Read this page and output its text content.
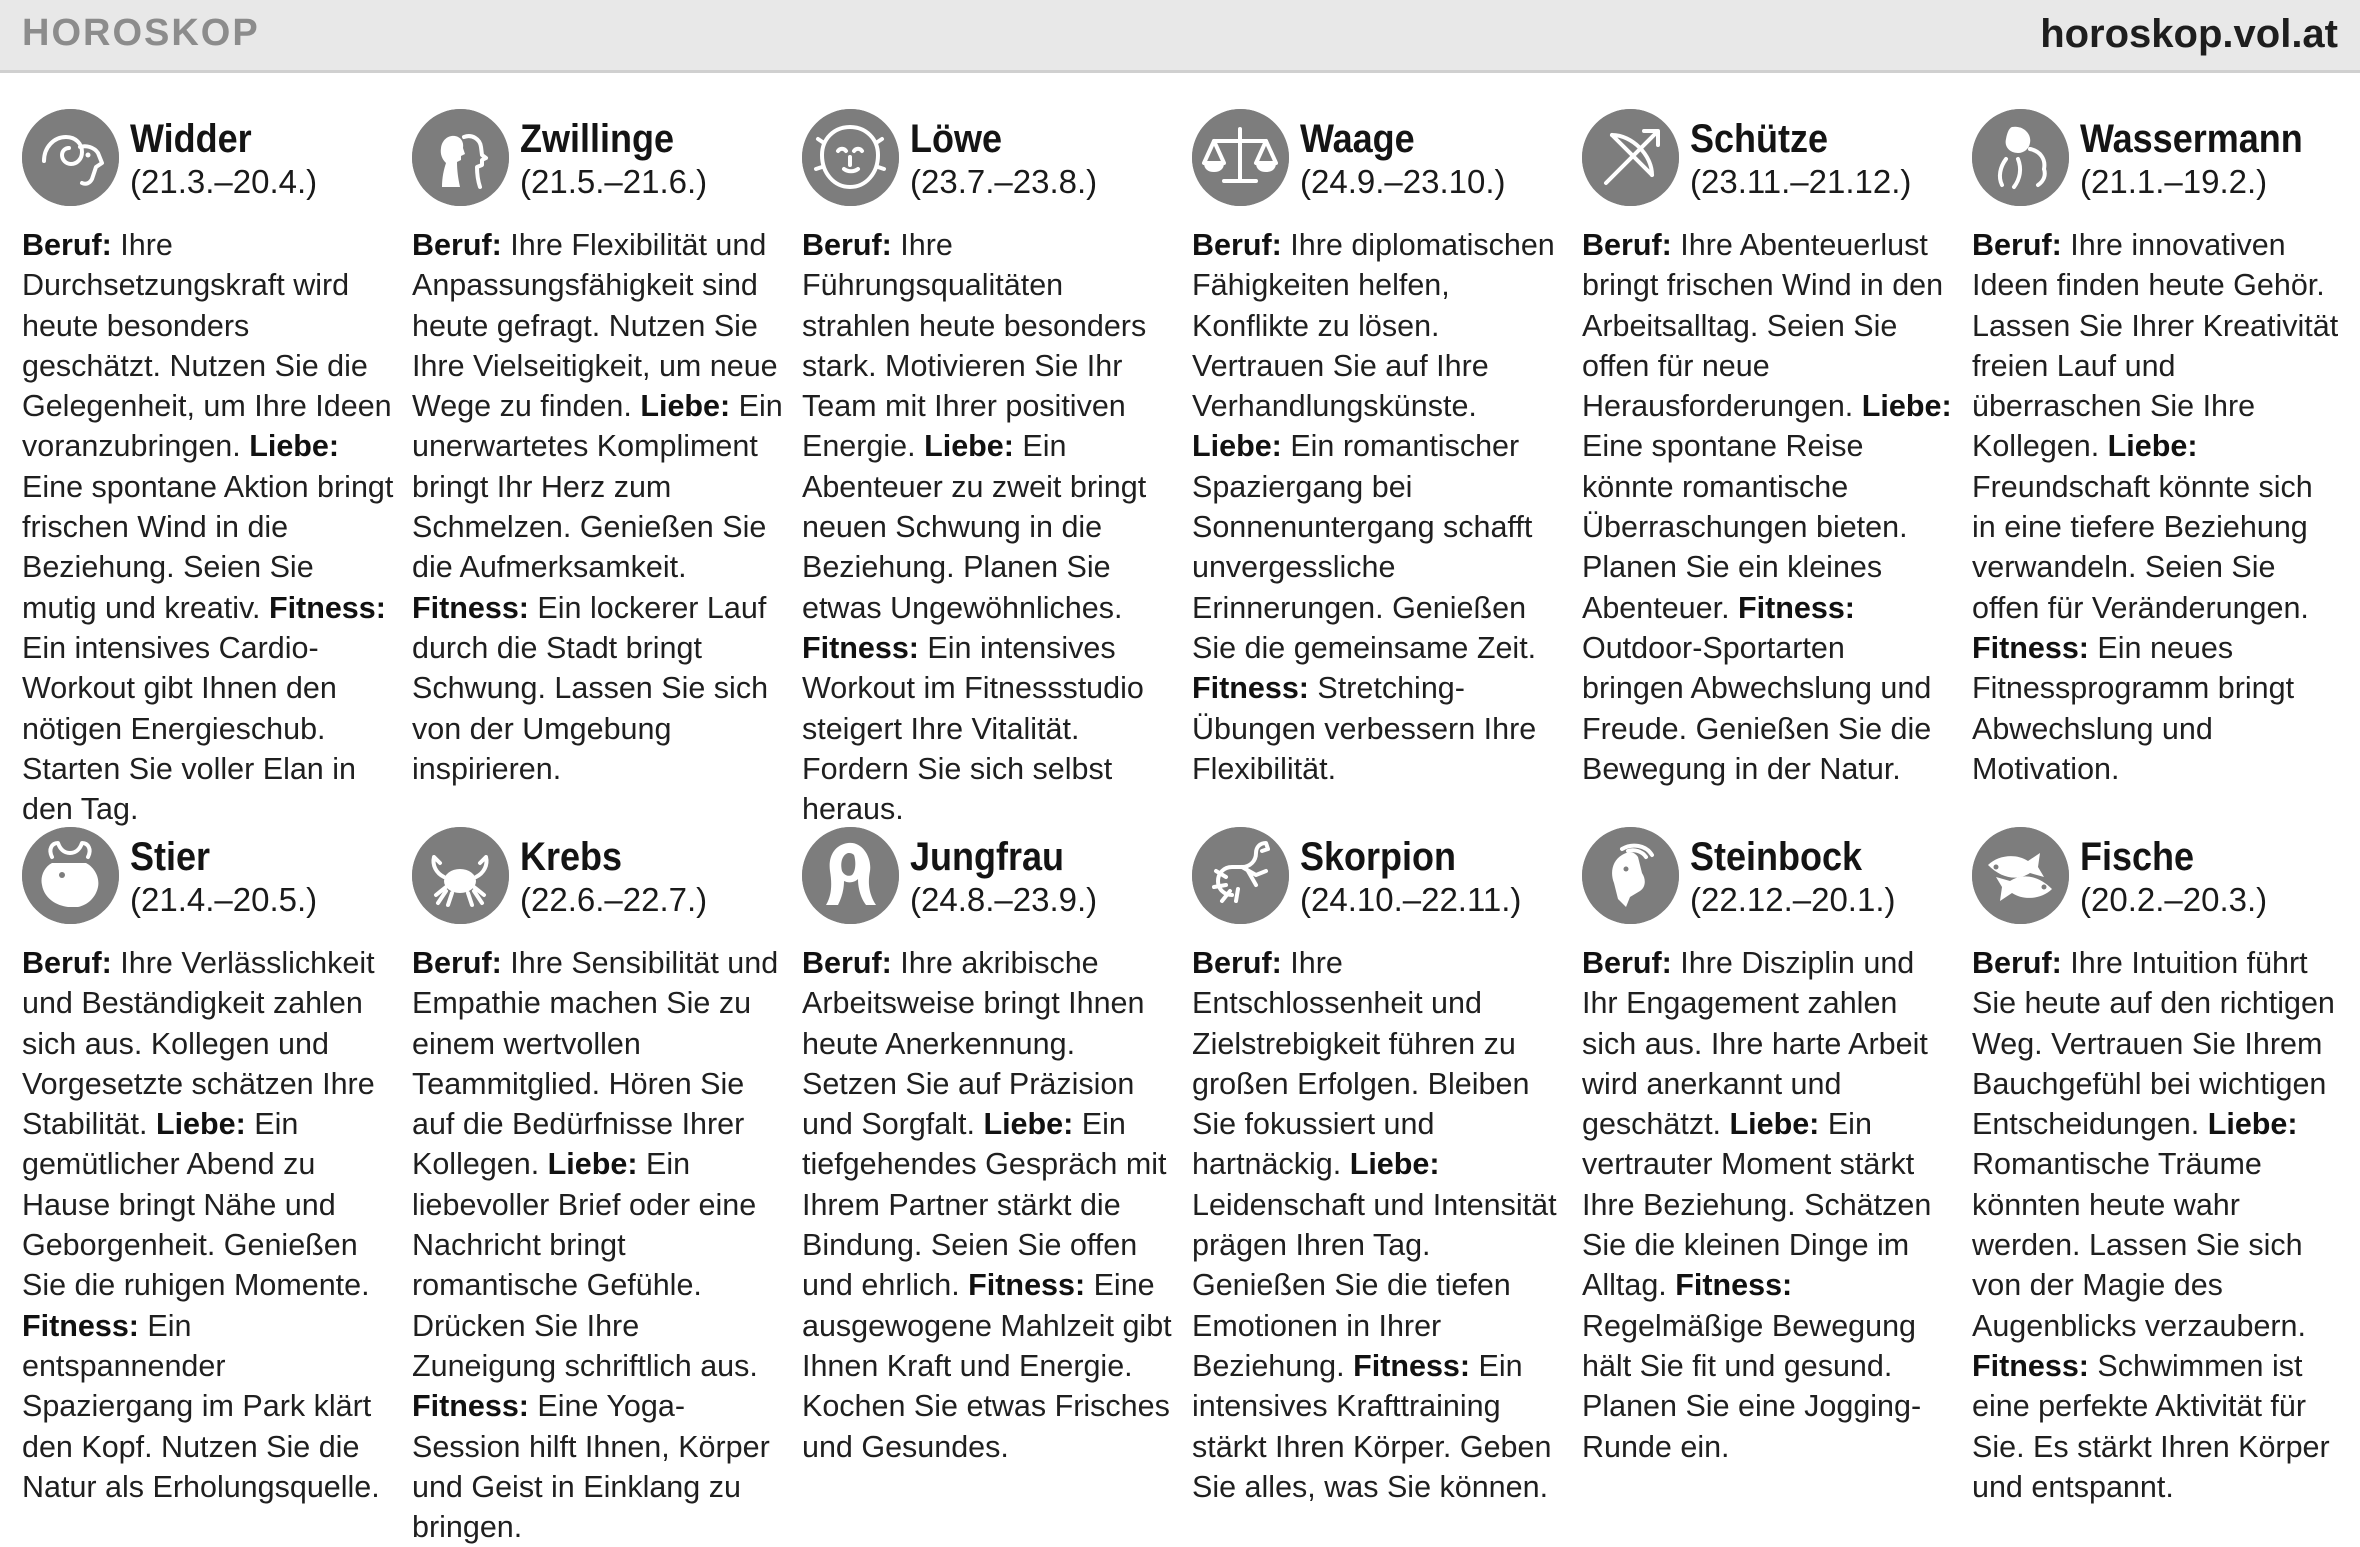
HOROSKOP	horoskop.vol.at
Widder
(21.3.–20.4.)
Beruf: Ihre Durchsetzungskraft wird heute besonders geschätzt. Nutzen Sie die Gelegenheit, um Ihre Ideen voranzubringen. Liebe: Eine spontane Aktion bringt frischen Wind in die Beziehung. Seien Sie mutig und kreativ. Fitness: Ein intensives Cardio-Workout gibt Ihnen den nötigen Energieschub. Starten Sie voller Elan in den Tag.
Zwillinge
(21.5.–21.6.)
Beruf: Ihre Flexibilität und Anpassungsfähigkeit sind heute gefragt. Nutzen Sie Ihre Vielseitigkeit, um neue Wege zu finden. Liebe: Ein unerwartetes Kompliment bringt Ihr Herz zum Schmelzen. Genießen Sie die Aufmerksamkeit. Fitness: Ein lockerer Lauf durch die Stadt bringt Schwung. Lassen Sie sich von der Umgebung inspirieren.
Löwe
(23.7.–23.8.)
Beruf: Ihre Führungsqualitäten strahlen heute besonders stark. Motivieren Sie Ihr Team mit Ihrer positiven Energie. Liebe: Ein Abenteuer zu zweit bringt neuen Schwung in die Beziehung. Planen Sie etwas Ungewöhnliches. Fitness: Ein intensives Workout im Fitnessstudio steigert Ihre Vitalität. Fordern Sie sich selbst heraus.
Waage
(24.9.–23.10.)
Beruf: Ihre diplomatischen Fähigkeiten helfen, Konflikte zu lösen. Vertrauen Sie auf Ihre Verhandlungskünste. Liebe: Ein romantischer Spaziergang bei Sonnenuntergang schafft unvergessliche Erinnerungen. Genießen Sie die gemeinsame Zeit. Fitness: Stretching-Übungen verbessern Ihre Flexibilität.
Schütze
(23.11.–21.12.)
Beruf: Ihre Abenteuerlust bringt frischen Wind in den Arbeitsalltag. Seien Sie offen für neue Herausforderungen. Liebe: Eine spontane Reise könnte romantische Überraschungen bieten. Planen Sie ein kleines Abenteuer. Fitness: Outdoor-Sportarten bringen Abwechslung und Freude. Genießen Sie die Bewegung in der Natur.
Wassermann
(21.1.–19.2.)
Beruf: Ihre innovativen Ideen finden heute Gehör. Lassen Sie Ihrer Kreativität freien Lauf und überraschen Sie Ihre Kollegen. Liebe: Freundschaft könnte sich in eine tiefere Beziehung verwandeln. Seien Sie offen für Veränderungen. Fitness: Ein neues Fitnessprogramm bringt Abwechslung und Motivation.
Stier
(21.4.–20.5.)
Beruf: Ihre Verlässlichkeit und Beständigkeit zahlen sich aus. Kollegen und Vorgesetzte schätzen Ihre Stabilität. Liebe: Ein gemütlicher Abend zu Hause bringt Nähe und Geborgenheit. Genießen Sie die ruhigen Momente. Fitness: Ein entspannender Spaziergang im Park klärt den Kopf. Nutzen Sie die Natur als Erholungsquelle.
Krebs
(22.6.–22.7.)
Beruf: Ihre Sensibilität und Empathie machen Sie zu einem wertvollen Teammitglied. Hören Sie auf die Bedürfnisse Ihrer Kollegen. Liebe: Ein liebevoller Brief oder eine Nachricht bringt romantische Gefühle. Drücken Sie Ihre Zuneigung schriftlich aus. Fitness: Eine Yoga-Session hilft Ihnen, Körper und Geist in Einklang zu bringen.
Jungfrau
(24.8.–23.9.)
Beruf: Ihre akribische Arbeitsweise bringt Ihnen heute Anerkennung. Setzen Sie auf Präzision und Sorgfalt. Liebe: Ein tiefgehendes Gespräch mit Ihrem Partner stärkt die Bindung. Seien Sie offen und ehrlich. Fitness: Eine ausgewogene Mahlzeit gibt Ihnen Kraft und Energie. Kochen Sie etwas Frisches und Gesundes.
Skorpion
(24.10.–22.11.)
Beruf: Ihre Entschlossenheit und Zielstrebigkeit führen zu großen Erfolgen. Bleiben Sie fokussiert und hartnäckig. Liebe: Leidenschaft und Intensität prägen Ihren Tag. Genießen Sie die tiefen Emotionen in Ihrer Beziehung. Fitness: Ein intensives Krafttraining stärkt Ihren Körper. Geben Sie alles, was Sie können.
Steinbock
(22.12.–20.1.)
Beruf: Ihre Disziplin und Ihr Engagement zahlen sich aus. Ihre harte Arbeit wird anerkannt und geschätzt. Liebe: Ein vertrauter Moment stärkt Ihre Beziehung. Schätzen Sie die kleinen Dinge im Alltag. Fitness: Regelmäßige Bewegung hält Sie fit und gesund. Planen Sie eine Jogging-Runde ein.
Fische
(20.2.–20.3.)
Beruf: Ihre Intuition führt Sie heute auf den richtigen Weg. Vertrauen Sie Ihrem Bauchgefühl bei wichtigen Entscheidungen. Liebe: Romantische Träume könnten heute wahr werden. Lassen Sie sich von der Magie des Augenblicks verzaubern. Fitness: Schwimmen ist eine perfekte Aktivität für Sie. Es stärkt Ihren Körper und entspannt.
